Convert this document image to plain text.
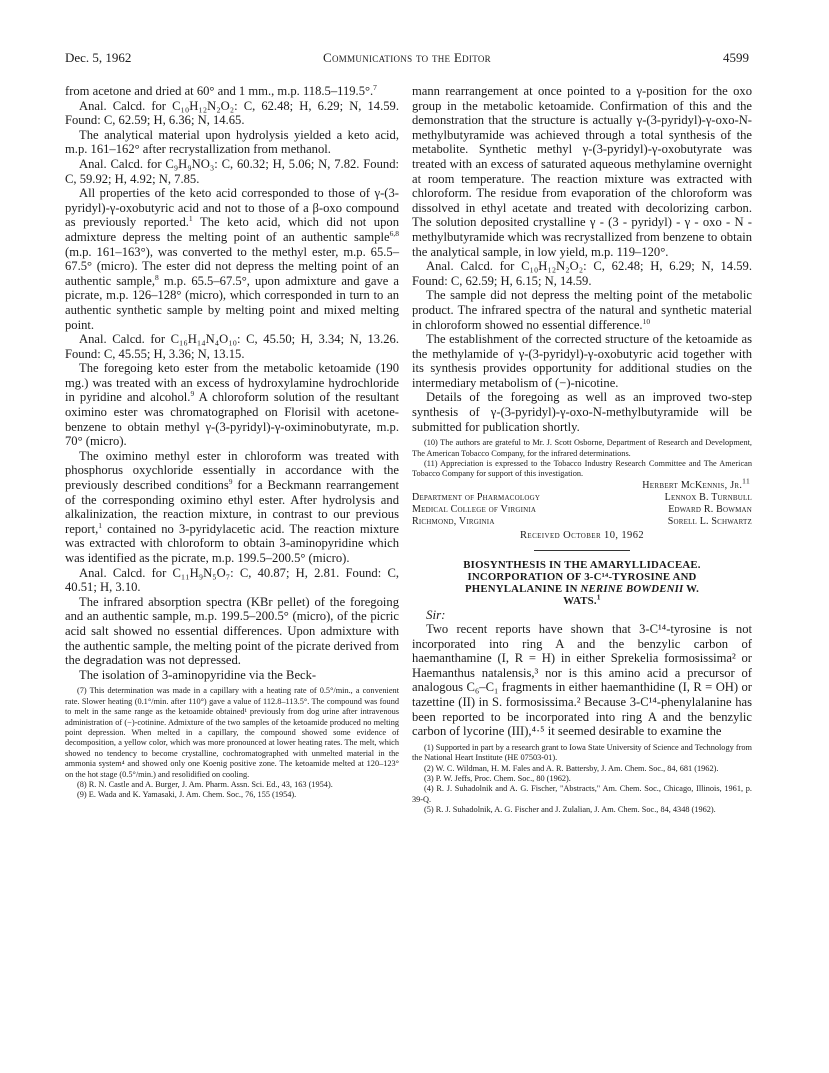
Dec. 5, 1962	Communications to the Editor	4599

from acetone and dried at 60° and 1 mm., m.p. 118.5–119.5°.$^7$

Anal. Calcd. for C₁₀H₁₂N₂O₂: C, 62.48; H, 6.29; N, 14.59. Found: C, 62.59; H, 6.36; N, 14.65.

The analytical material upon hydrolysis yielded a keto acid, m.p. 161–162° after recrystallization from methanol.

Anal. Calcd. for C₉H₉NO₃: C, 60.32; H, 5.06; N, 7.82. Found: C, 59.92; H, 4.92; N, 7.85.

All properties of the keto acid corresponded to those of γ-(3-pyridyl)-γ-oxobutyric acid and not to those of a β-oxo compound as previously reported.$^1$ The keto acid, which did not upon admixture depress the melting point of an authentic sample$^{6,8}$ (m.p. 161–163°), was converted to the methyl ester, m.p. 65.5–67.5° (micro). The ester did not depress the melting point of an authentic sample,$^8$ m.p. 65.5–67.5°, upon admixture and gave a picrate, m.p. 126–128° (micro), which corresponded in turn to an authentic synthetic sample by melting point and mixed melting point.

Anal. Calcd. for C₁₆H₁₄N₄O₁₀: C, 45.50; H, 3.34; N, 13.26. Found: C, 45.55; H, 3.36; N, 13.15.

The foregoing keto ester from the metabolic ketoamide (190 mg.) was treated with an excess of hydroxylamine hydrochloride in pyridine and alcohol.$^9$ A chloroform solution of the resultant oximino ester was chromatographed on Florisil with acetone-benzene to obtain methyl γ-(3-pyridyl)-γ-oximinobutyrate, m.p. 70° (micro).

The oximino methyl ester in chloroform was treated with phosphorus oxychloride essentially in accordance with the previously described conditions$^9$ for a Beckmann rearrangement of the corresponding oximino ethyl ester. After hydrolysis and alkalinization, the reaction mixture, in contrast to our previous report,$^1$ contained no 3-pyridylacetic acid. The reaction mixture was extracted with chloroform to obtain 3-aminopyridine which was identified as the picrate, m.p. 199.5–200.5° (micro).

Anal. Calcd. for C₁₁H₉N₅O₇: C, 40.87; H, 2.81. Found: C, 40.51; H, 3.10.

The infrared absorption spectra (KBr pellet) of the foregoing and an authentic sample, m.p. 199.5–200.5° (micro), of the picric acid salt showed no essential differences. Upon admixture with the authentic sample, the melting point of the picrate derived from the degradation was not depressed.

The isolation of 3-aminopyridine via the Beck-

(7) This determination was made in a capillary with a heating rate of 0.5°/min., a convenient rate. Slower heating (0.1°/min. after 110°) gave a value of 112.8–113.5°. The compound was found to melt in the same range as the ketoamide obtained¹ previously from dog urine after intravenous administration of (−)-cotinine. Admixture of the two samples of the ketoamide produced no melting point depression. When melted in a capillary, the compound showed some evidence of decomposition, a yellow color, which was more pronounced at lower heating rates. The melt, which showed no tendency to become crystalline, cochromatographed with unmelted material in the ammonia system⁴ and showed only one Koenig positive zone. The ketoamide melted at 120–123° on the hot stage (0.5°/min.) and resolidified on cooling.

(8) R. N. Castle and A. Burger, J. Am. Pharm. Assn. Sci. Ed., 43, 163 (1954).

(9) E. Wada and K. Yamasaki, J. Am. Chem. Soc., 76, 155 (1954).

mann rearrangement at once pointed to a γ-position for the oxo group in the metabolic ketoamide. Confirmation of this and the demonstration that the structure is actually γ-(3-pyridyl)-γ-oxo-N-methylbutyramide was achieved through a total synthesis of the metabolite. Synthetic methyl γ-(3-pyridyl)-γ-oxobutyrate was treated with an excess of saturated aqueous methylamine overnight at room temperature. The reaction mixture was extracted with chloroform. The residue from evaporation of the chloroform was dissolved in ethyl acetate and treated with decolorizing carbon. The solution deposited crystalline γ - (3 - pyridyl) - γ - oxo - N - methylbutyramide which was recrystallized from benzene to obtain the analytical sample, in low yield, m.p. 119–120°.

Anal. Calcd. for C₁₀H₁₂N₂O₂: C, 62.48; H, 6.29; N, 14.59. Found: C, 62.59; H, 6.15; N, 14.59.

The sample did not depress the melting point of the metabolic product. The infrared spectra of the natural and synthetic material in chloroform showed no essential difference.$^{10}$

The establishment of the corrected structure of the ketoamide as the methylamide of γ-(3-pyridyl)-γ-oxobutyric acid together with its synthesis provides opportunity for additional studies on the intermediary metabolism of (−)-nicotine.

Details of the foregoing as well as an improved two-step synthesis of γ-(3-pyridyl)-γ-oxo-N-methylbutyramide will be submitted for publication shortly.

(10) The authors are grateful to Mr. J. Scott Osborne, Department of Research and Development, The American Tobacco Company, for the infrared determinations.

(11) Appreciation is expressed to the Tobacco Industry Research Committee and The American Tobacco Company for support of this investigation.

Herbert McKennis, Jr.$^{11}$
Department of Pharmacology	Lennox B. Turnbull
Medical College of Virginia	Edward R. Bowman
Richmond, Virginia	Sorell L. Schwartz
Received October 10, 1962
BIOSYNTHESIS IN THE AMARYLLIDACEAE.
INCORPORATION OF 3-C¹⁴-TYROSINE AND
PHENYLALANINE IN NERINE BOWDENII W.
WATS.$^1$

Sir:

Two recent reports have shown that 3-C¹⁴-tyrosine is not incorporated into ring A and the benzylic carbon of haemanthamine (I, R = H) in either Sprekelia formosissima² or Haemanthus natalensis,³ nor is this amino acid a precursor of analogous C₆–C₁ fragments in either haemanthidine (I, R = OH) or tazettine (II) in S. formosissima.² Because 3-C¹⁴-phenylalanine has been reported to be incorporated into ring A and the benzylic carbon of lycorine (III),⁴·⁵ it seemed desirable to examine the

(1) Supported in part by a research grant to Iowa State University of Science and Technology from the National Heart Institute (HE 07503-01).

(2) W. C. Wildman, H. M. Fales and A. R. Battersby, J. Am. Chem. Soc., 84, 681 (1962).

(3) P. W. Jeffs, Proc. Chem. Soc., 80 (1962).

(4) R. J. Suhadolnik and A. G. Fischer, "Abstracts," Am. Chem. Soc., Chicago, Illinois, 1961, p. 39-Q.

(5) R. J. Suhadolnik, A. G. Fischer and J. Zulalian, J. Am. Chem. Soc., 84, 4348 (1962).
